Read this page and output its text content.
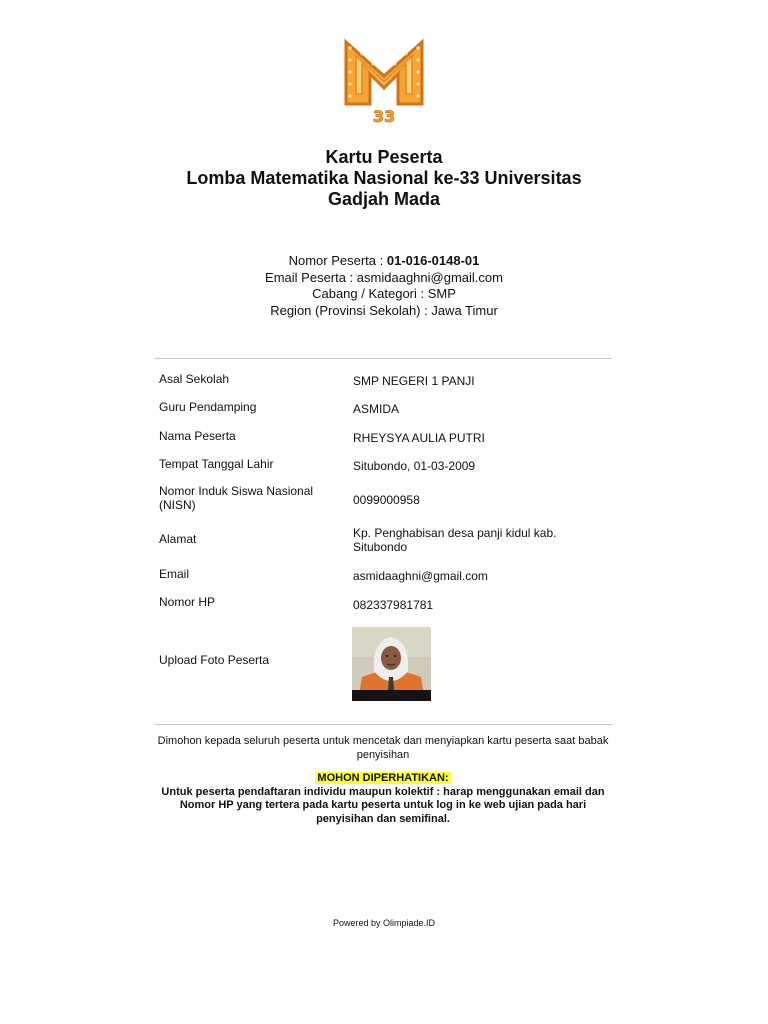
33
Kartu Peserta
Lomba Matematika Nasional ke-33 Universitas Gadjah Mada
Nomor Peserta : 01-016-0148-01
Email Peserta : asmidaaghni@gmail.com
Cabang / Kategori : SMP
Region (Provinsi Sekolah) : Jawa Timur
Asal Sekolah	SMP NEGERI 1 PANJI
Guru Pendamping	ASMIDA
Nama Peserta	RHEYSYA AULIA PUTRI
Tempat Tanggal Lahir	Situbondo, 01-03-2009
Nomor Induk Siswa Nasional (NISN)	0099000958
Alamat	Kp. Penghabisan desa panji kidul kab. Situbondo
Email	asmidaaghni@gmail.com
Nomor HP	082337981781
Upload Foto Peserta
Dimohon kepada seluruh peserta untuk mencetak dan menyiapkan kartu peserta saat babak penyisihan
MOHON DIPERHATIKAN:
Untuk peserta pendaftaran individu maupun kolektif : harap menggunakan email dan Nomor HP yang tertera pada kartu peserta untuk log in ke web ujian pada hari penyisihan dan semifinal.
Powered by Olimpiade.ID
